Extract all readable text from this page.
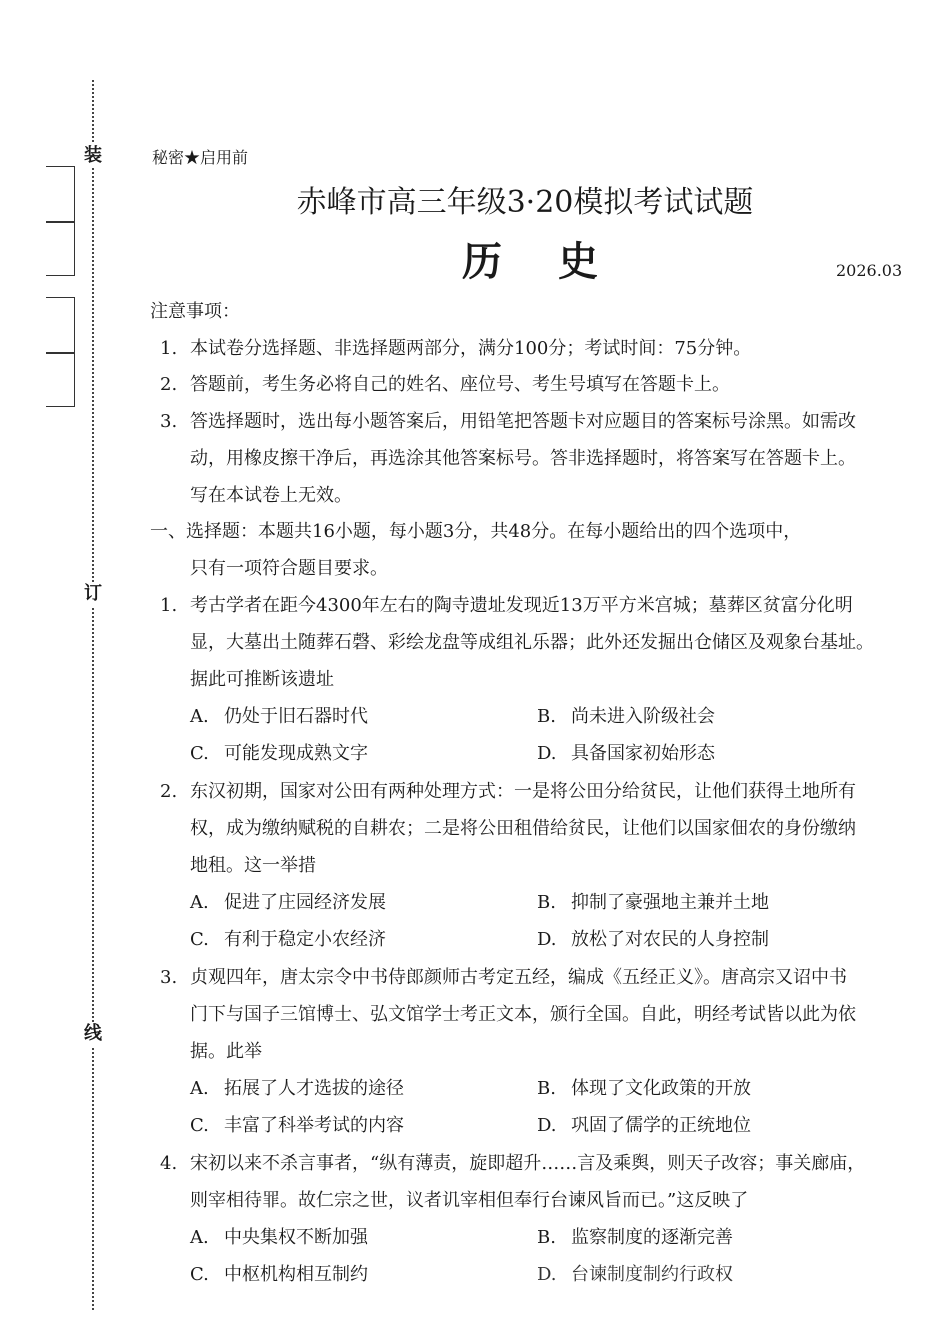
装
订
线
秘密★启用前
赤峰市高三年级3·20模拟考试试题
历史	2026.03
注意事项：
1. 本试卷分选择题、非选择题两部分，满分100分；考试时间：75分钟。
2. 答题前，考生务必将自己的姓名、座位号、考生号填写在答题卡上。
3. 答选择题时，选出每小题答案后，用铅笔把答题卡对应题目的答案标号涂黑。如需改
动，用橡皮擦干净后，再选涂其他答案标号。答非选择题时，将答案写在答题卡上。
写在本试卷上无效。
一、选择题：本题共16小题，每小题3分，共48分。在每小题给出的四个选项中，
只有一项符合题目要求。
1. 考古学者在距今4300年左右的陶寺遗址发现近13万平方米宫城；墓葬区贫富分化明
显，大墓出土随葬石磬、彩绘龙盘等成组礼乐器；此外还发掘出仓储区及观象台基址。
据此可推断该遗址
A. 仍处于旧石器时代	B. 尚未进入阶级社会
C. 可能发现成熟文字	D. 具备国家初始形态
2. 东汉初期，国家对公田有两种处理方式：一是将公田分给贫民，让他们获得土地所有
权，成为缴纳赋税的自耕农；二是将公田租借给贫民，让他们以国家佃农的身份缴纳
地租。这一举措
A. 促进了庄园经济发展	B. 抑制了豪强地主兼并土地
C. 有利于稳定小农经济	D. 放松了对农民的人身控制
3. 贞观四年，唐太宗令中书侍郎颜师古考定五经，编成《五经正义》。唐高宗又诏中书
门下与国子三馆博士、弘文馆学士考正文本，颁行全国。自此，明经考试皆以此为依
据。此举
A. 拓展了人才选拔的途径	B. 体现了文化政策的开放
C. 丰富了科举考试的内容	D. 巩固了儒学的正统地位
4. 宋初以来不杀言事者，“纵有薄责，旋即超升……言及乘舆，则天子改容；事关廊庙，
则宰相待罪。故仁宗之世，议者讥宰相但奉行台谏风旨而已。”这反映了
A. 中央集权不断加强	B. 监察制度的逐渐完善
C. 中枢机构相互制约	D. 台谏制度制约行政权
